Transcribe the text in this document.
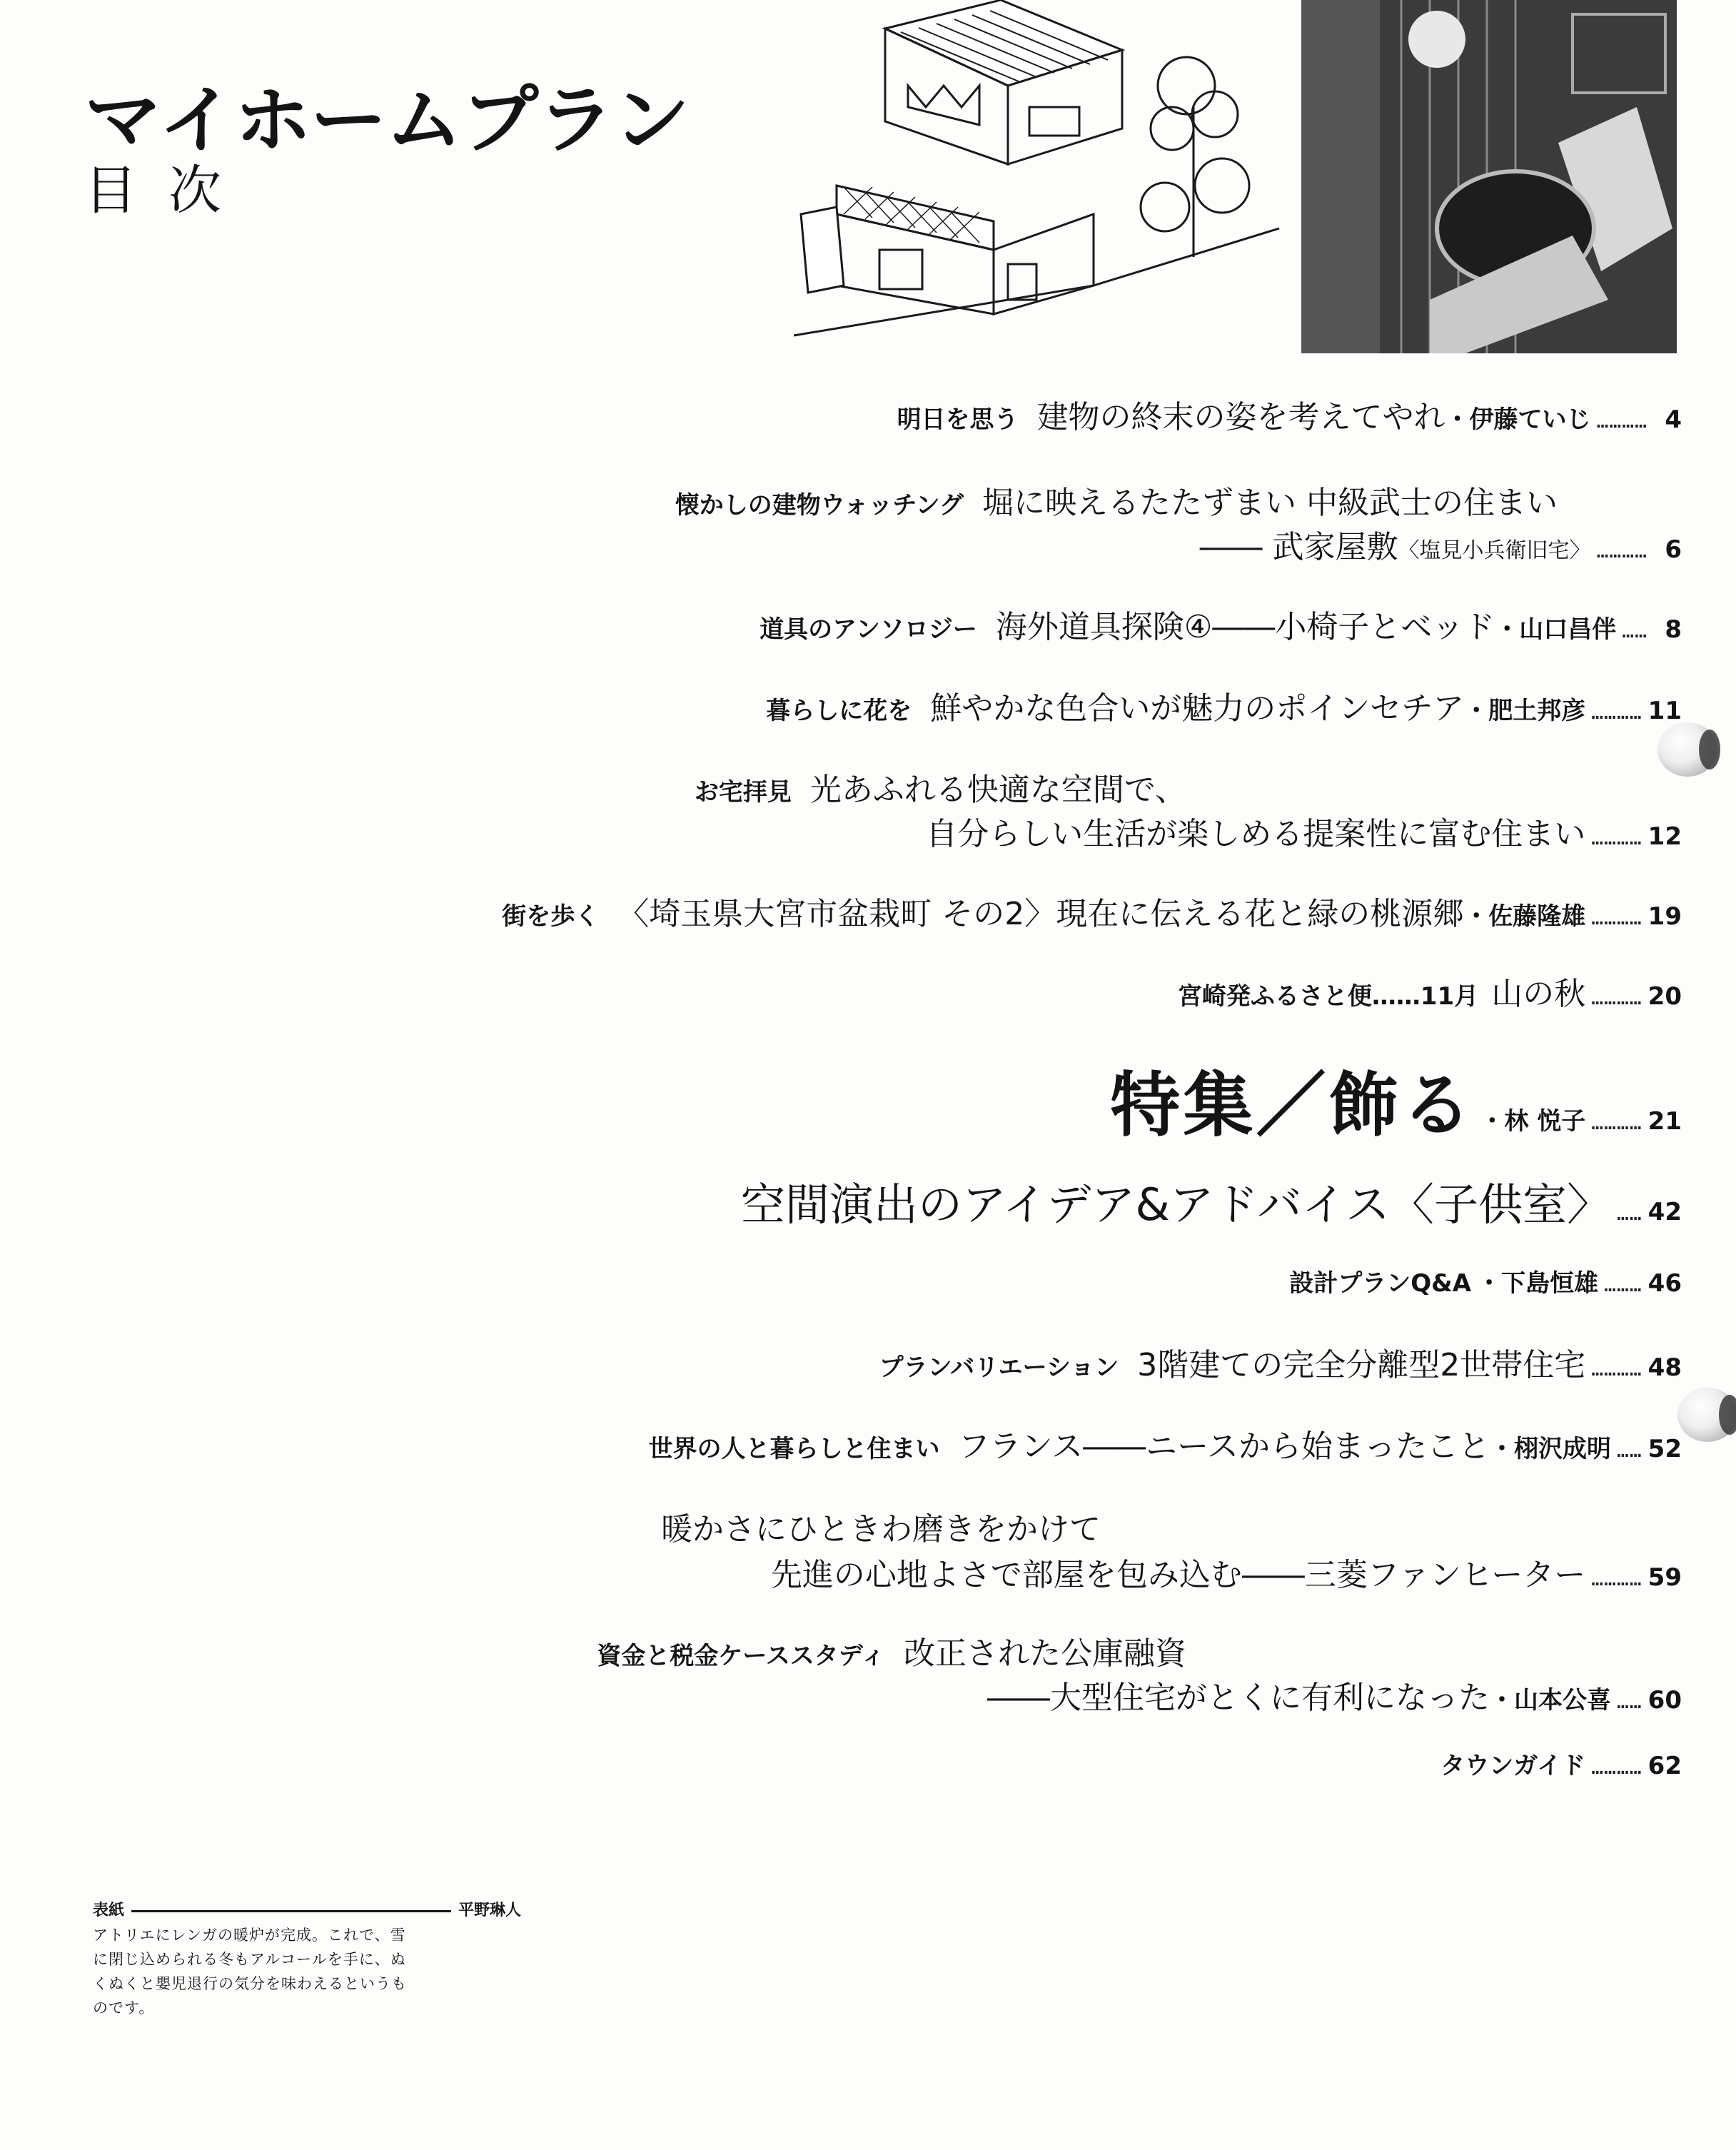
マイホームプラン
目次
明日を思う 建物の終末の姿を考えてやれ ・伊藤ていじ ………… 4
懐かしの建物ウォッチング 堀に映えるたたずまい 中級武士の住まい
―― 武家屋敷 〈塩見小兵衛旧宅〉 ………… 6
道具のアンソロジー 海外道具探険④――小椅子とベッド ・山口昌伴 …… 8
暮らしに花を 鮮やかな色合いが魅力のポインセチア ・肥土邦彦 ………… 11
お宅拝見 光あふれる快適な空間で、
自分らしい生活が楽しめる提案性に富む住まい ………… 12
街を歩く 〈埼玉県大宮市盆栽町 その2〉現在に伝える花と緑の桃源郷 ・佐藤隆雄 ………… 19
宮崎発ふるさと便 ……11月 山の秋 ………… 20
特集／飾る ・林 悦子 ………… 21
空間演出のアイデア&アドバイス〈子供室〉 …… 42
設計プランQ&A ・下島恒雄 ……… 46
プランバリエーション 3階建ての完全分離型2世帯住宅 ………… 48
世界の人と暮らしと住まい フランス――ニースから始まったこと ・栩沢成明 …… 52
暖かさにひときわ磨きをかけて
先進の心地よさで部屋を包み込む――三菱ファンヒーター ………… 59
資金と税金ケーススタディ 改正された公庫融資
――大型住宅がとくに有利になった ・山本公喜 …… 60
タウンガイド ………… 62
表紙	平野琳人
アトリエにレンガの暖炉が完成。これで、雪
に閉じ込められる冬もアルコールを手に、ぬ
くぬくと嬰児退行の気分を味わえるというも
のです。
